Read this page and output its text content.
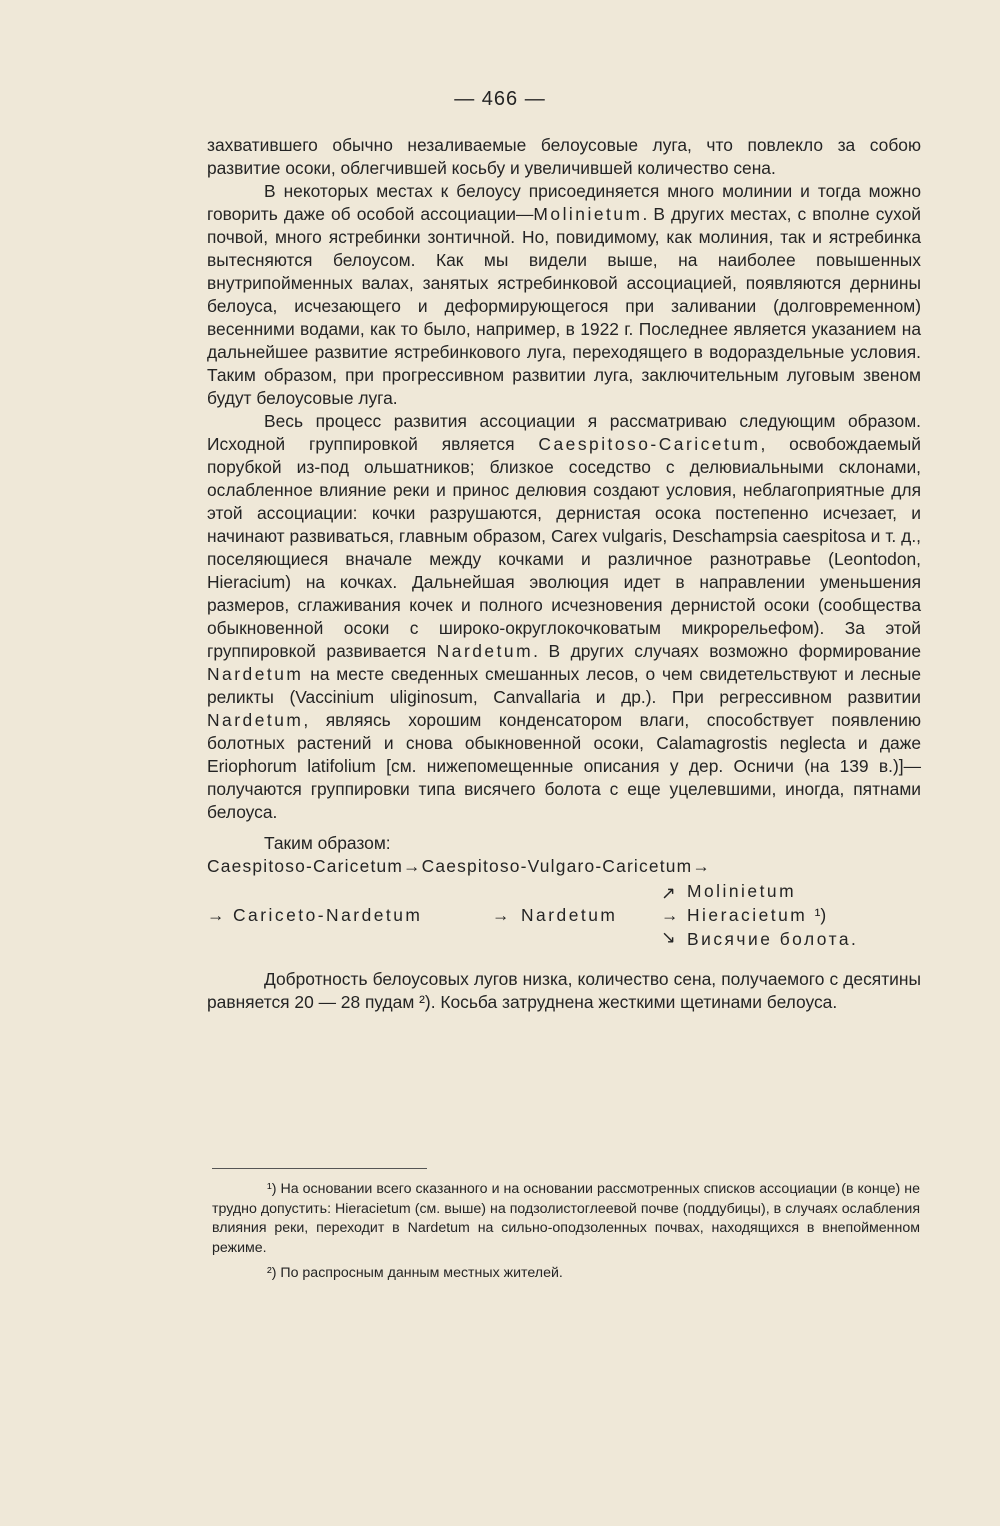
— 466 —

захватившего обычно незаливаемые белоусовые луга, что повлекло за собою развитие осоки, облегчившей косьбу и увеличившей количество сена.

В некоторых местах к белоусу присоединяется много молинии и тогда можно говорить даже об особой ассоциации—Molinietum. В других местах, с вполне сухой почвой, много ястребинки зонтичной. Но, повидимому, как молиния, так и ястребинка вытесняются белоусом. Как мы видели выше, на наиболее повышенных внутрипойменных валах, занятых ястребинковой ассоциацией, появляются дернины белоуса, исчезающего и деформирующегося при заливании (долговременном) весенними водами, как то было, например, в 1922 г. Последнее является указанием на дальнейшее развитие ястребинкового луга, переходящего в водораздельные условия. Таким образом, при прогрессивном развитии луга, заключительным луговым звеном будут белоусовые луга.

Весь процесс развития ассоциации я рассматриваю следующим образом. Исходной группировкой является Caespitoso-Caricetum, освобождаемый порубкой из-под ольшатников; близкое соседство с делювиальными склонами, ослабленное влияние реки и принос делювия создают условия, неблагоприятные для этой ассоциации: кочки разрушаются, дернистая осока постепенно исчезает, и начинают развиваться, главным образом, Carex vulgaris, Deschampsia caespitosa и т. д., поселяющиеся вначале между кочками и различное разнотравье (Leontodon, Hieracium) на кочках. Дальнейшая эволюция идет в направлении уменьшения размеров, сглаживания кочек и полного исчезновения дернистой осоки (сообщества обыкновенной осоки с широко-округлокочковатым микрорельефом). За этой группировкой развивается Nardetum. В других случаях возможно формирование Nardetum на месте сведенных смешанных лесов, о чем свидетельствуют и лесные реликты (Vaccinium uliginosum, Canvallaria и др.). При регрессивном развитии Nardetum, являясь хорошим конденсатором влаги, способствует появлению болотных растений и снова обыкновенной осоки, Calamagrostis neglecta и даже Eriophorum latifolium [см. нижепомещенные описания у дер. Осничи (на 139 в.)]—получаются группировки типа висячего болота с еще уцелевшими, иногда, пятнами белоуса.

Таким образом:

Caespitoso-Caricetum→Caespitoso-Vulgaro-Caricetum→

→ Cariceto-Nardetum	→ Nardetum
↗
→
↘
Molinietum
Hieracietum ¹)
Висячие болота.

Добротность белоусовых лугов низка, количество сена, получаемого с десятины равняется 20 — 28 пудам ²). Косьба затруднена жесткими щетинами белоуса.

¹) На основании всего сказанного и на основании рассмотренных списков ассоциации (в конце) не трудно допустить: Hieracietum (см. выше) на подзолистоглеевой почве (поддубицы), в случаях ослабления влияния реки, переходит в Nardetum на сильно-оподзоленных почвах, находящихся в внепойменном режиме.

²) По распросным данным местных жителей.
